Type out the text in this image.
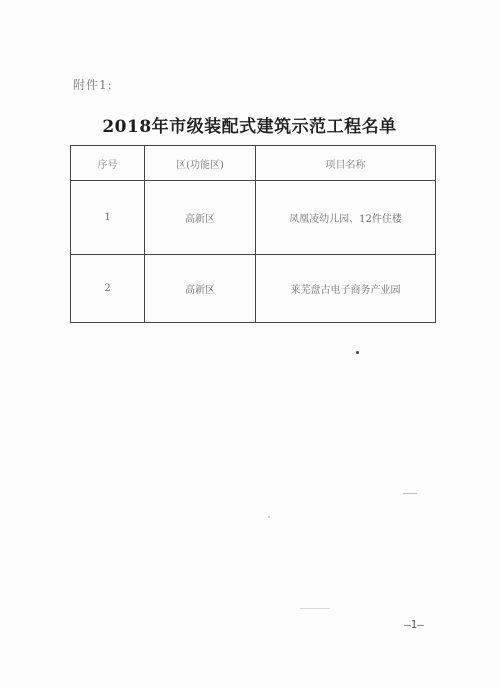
附件1:
2018年市级装配式建筑示范工程名单
序号	区(功能区)	项目名称
1	高新区	凤凰凌幼儿园、12件住楼
2	高新区	莱芜盘古电子商务产业园
—1—
